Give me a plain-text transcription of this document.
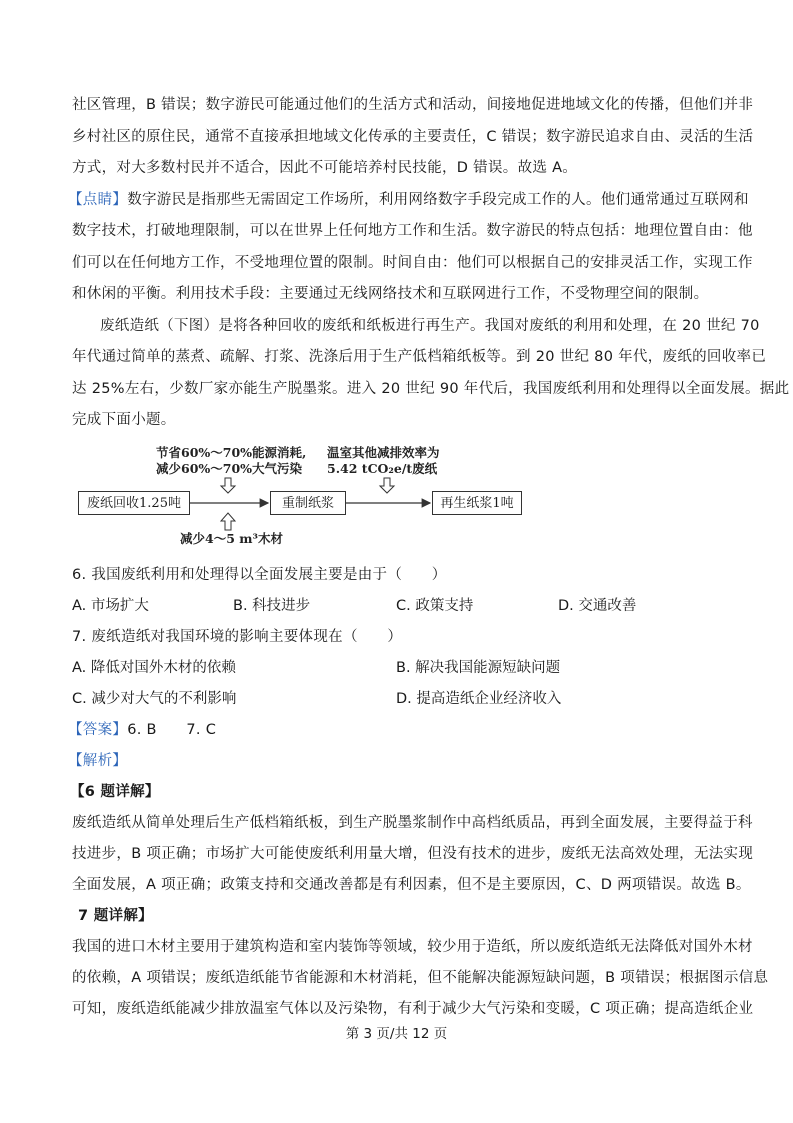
社区管理，B 错误；数字游民可能通过他们的生活方式和活动，间接地促进地域文化的传播，但他们并非
乡村社区的原住民，通常不直接承担地域文化传承的主要责任，C 错误；数字游民追求自由、灵活的生活
方式，对大多数村民并不适合，因此不可能培养村民技能，D 错误。故选 A。
【点睛】数字游民是指那些无需固定工作场所，利用网络数字手段完成工作的人。他们通常通过互联网和
数字技术，打破地理限制，可以在世界上任何地方工作和生活。数字游民的特点包括：地理位置自由：他
们可以在任何地方工作，不受地理位置的限制。时间自由：他们可以根据自己的安排灵活工作，实现工作
和休闲的平衡。利用技术手段：主要通过无线网络技术和互联网进行工作，不受物理空间的限制。
废纸造纸（下图）是将各种回收的废纸和纸板进行再生产。我国对废纸的利用和处理，在 20 世纪 70
年代通过简单的蒸煮、疏解、打浆、洗涤后用于生产低档箱纸板等。到 20 世纪 80 年代，废纸的回收率已
达 25%左右，少数厂家亦能生产脱墨浆。进入 20 世纪 90 年代后，我国废纸利用和处理得以全面发展。据此
完成下面小题。
节省60%～70%能源消耗,
减少60%～70%大气污染
温室其他减排效率为
5.42 tCO₂e/t废纸
废纸回收1.25吨	重制纸浆	再生纸浆1吨
减少4～5 m³木材
6. 我国废纸利用和处理得以全面发展主要是由于（　　）
A. 市场扩大	B. 科技进步	C. 政策支持	D. 交通改善
7. 废纸造纸对我国环境的影响主要体现在（　　）
A. 降低对国外木材的依赖	B. 解决我国能源短缺问题
C. 减少对大气的不利影响	D. 提高造纸企业经济收入
【答案】6. B　　7. C
【解析】
【6 题详解】
废纸造纸从简单处理后生产低档箱纸板，到生产脱墨浆制作中高档纸质品，再到全面发展，主要得益于科
技进步，B 项正确；市场扩大可能使废纸利用量大增，但没有技术的进步，废纸无法高效处理，无法实现
全面发展，A 项正确；政策支持和交通改善都是有利因素，但不是主要原因，C、D 两项错误。故选 B。
7 题详解】
我国的进口木材主要用于建筑构造和室内装饰等领域，较少用于造纸，所以废纸造纸无法降低对国外木材
的依赖，A 项错误；废纸造纸能节省能源和木材消耗，但不能解决能源短缺问题，B 项错误；根据图示信息
可知，废纸造纸能减少排放温室气体以及污染物，有利于减少大气污染和变暖，C 项正确；提高造纸企业
第 3 页/共 12 页
